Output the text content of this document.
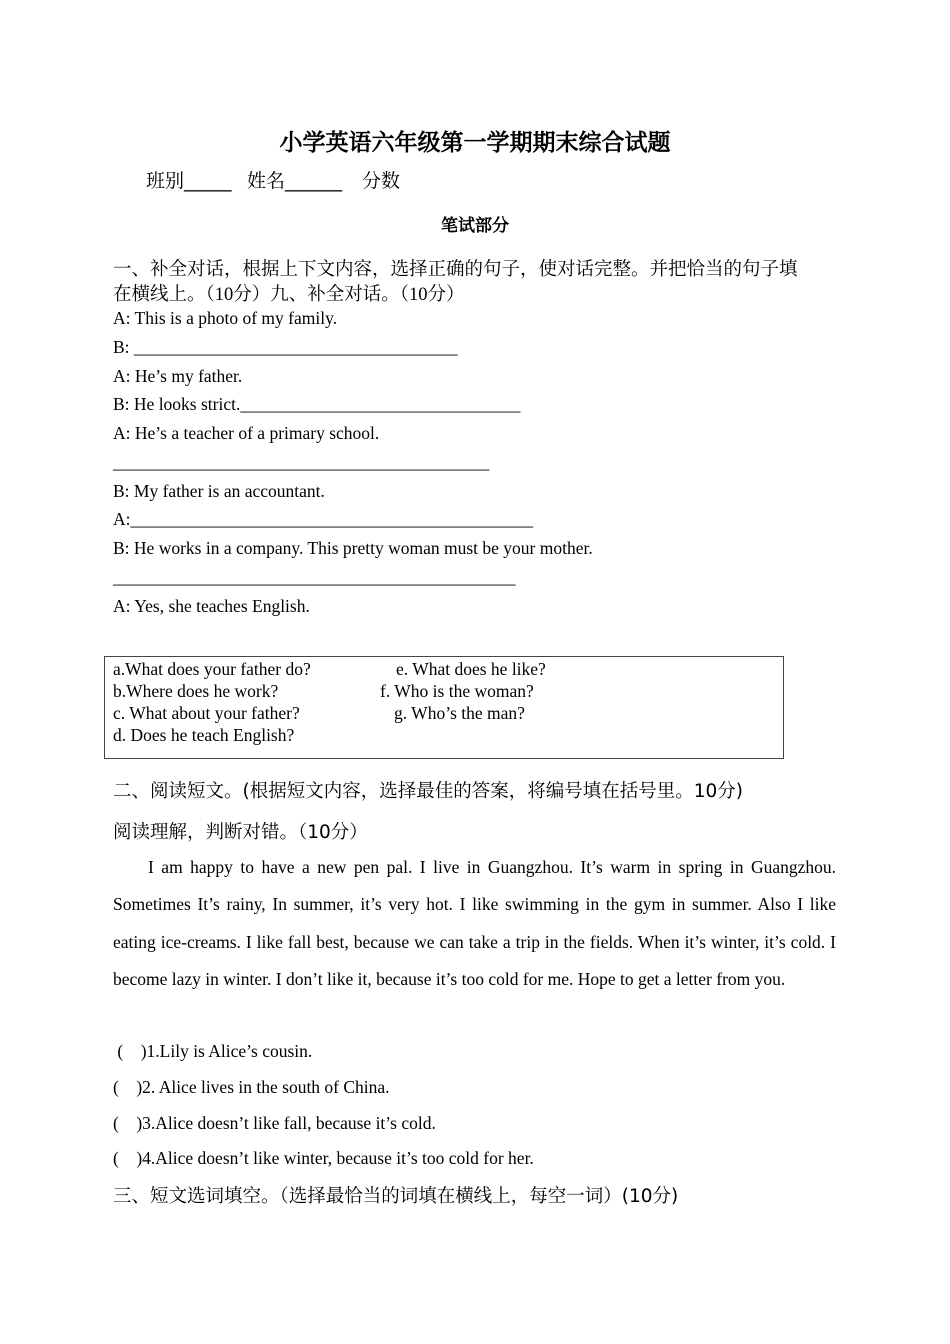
小学英语六年级第一学期期末综合试题
班别_____ 姓名______ 分数
笔试部分
一、补全对话，根据上下文内容，选择正确的句子，使对话完整。并把恰当的句子填
在横线上。（10分）九、补全对话。（10分）
A: This is a photo of my family.
B: _____________________________________
A: He’s my father.
B: He looks strict.________________________________
A: He’s a teacher of a primary school.
___________________________________________
B: My father is an accountant.
A:______________________________________________
B: He works in a company. This pretty woman must be your mother.
______________________________________________
A: Yes, she teaches English.
a.What does your father do?
b.Where does he work?
c. What about your father?
d. Does he teach English?
e. What does he like?
f. Who is the woman?
g. Who’s the man?
二、阅读短文。(根据短文内容，选择最佳的答案，将编号填在括号里。10分)
阅读理解，判断对错。（10分）
I am happy to have a new pen pal. I live in Guangzhou. It’s warm in spring in Guangzhou. Sometimes It’s rainy, In summer, it’s very hot. I like swimming in the gym in summer. Also I like eating ice-creams. I like fall best, because we can take a trip in the fields. When it’s winter, it’s cold. I become lazy in winter. I don’t like it, because it’s too cold for me. Hope to get a letter from you.
(    )1.Lily is Alice’s cousin.
(    )2. Alice lives in the south of China.
(    )3.Alice doesn’t like fall, because it’s cold.
(    )4.Alice doesn’t like winter, because it’s too cold for her.
三、短文选词填空。（选择最恰当的词填在横线上，每空一词）(10分)
